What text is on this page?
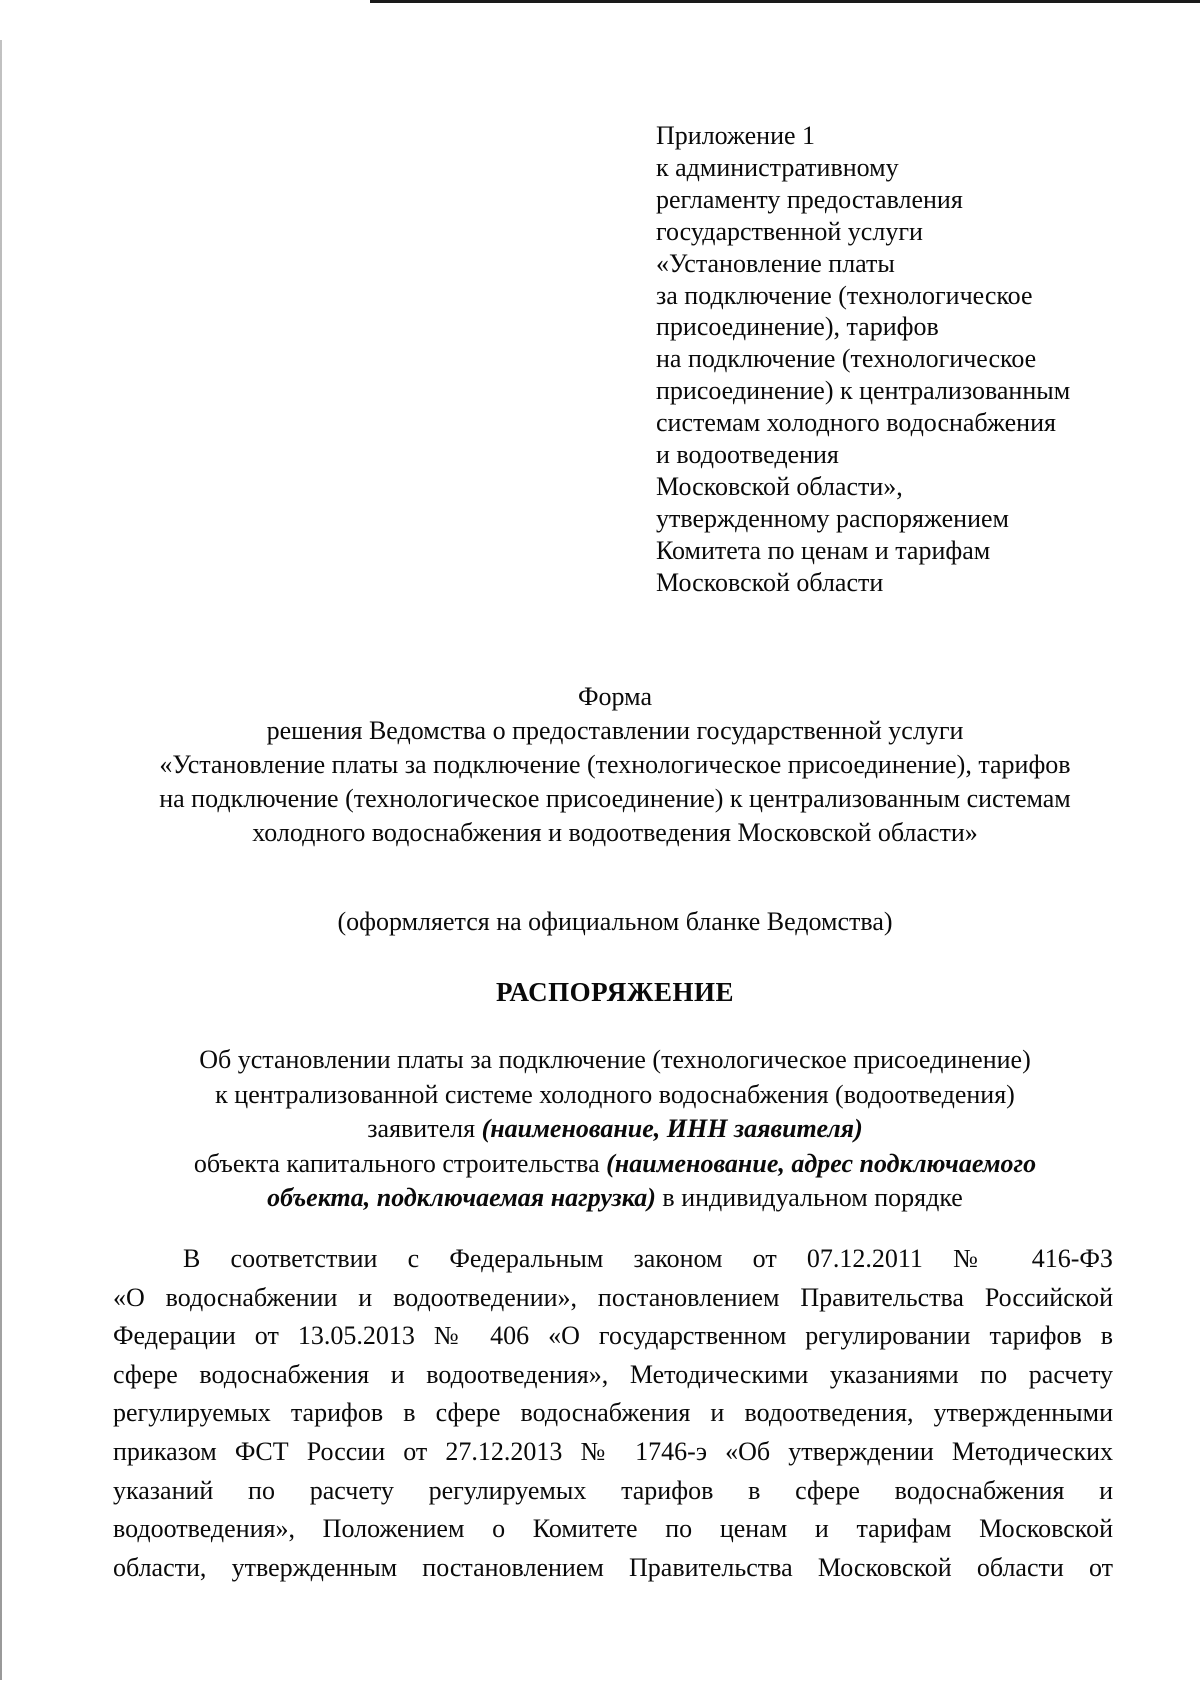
Приложение 1
к административному
регламенту предоставления
государственной услуги
«Установление платы
за подключение (технологическое
присоединение), тарифов
на подключение (технологическое
присоединение) к централизованным
системам холодного водоснабжения
и водоотведения
Московской области»,
утвержденному распоряжением
Комитета по ценам и тарифам
Московской области
Форма
решения Ведомства о предоставлении государственной услуги
«Установление платы за подключение (технологическое присоединение), тарифов
на подключение (технологическое присоединение) к централизованным системам
холодного водоснабжения и водоотведения Московской области»
(оформляется на официальном бланке Ведомства)
РАСПОРЯЖЕНИЕ
Об установлении платы за подключение (технологическое присоединение)
к централизованной системе холодного водоснабжения (водоотведения)
заявителя (наименование, ИНН заявителя)
объекта капитального строительства (наименование, адрес подключаемого
объекта, подключаемая нагрузка) в индивидуальном порядке
В соответствии с Федеральным законом от 07.12.2011 № 416-ФЗ
«О водоснабжении и водоотведении», постановлением Правительства Российской
Федерации от 13.05.2013 № 406 «О государственном регулировании тарифов в
сфере водоснабжения и водоотведения», Методическими указаниями по расчету
регулируемых тарифов в сфере водоснабжения и водоотведения, утвержденными
приказом ФСТ России от 27.12.2013 № 1746-э «Об утверждении Методических
указаний по расчету регулируемых тарифов в сфере водоснабжения и
водоотведения», Положением о Комитете по ценам и тарифам Московской
области, утвержденным постановлением Правительства Московской области от
